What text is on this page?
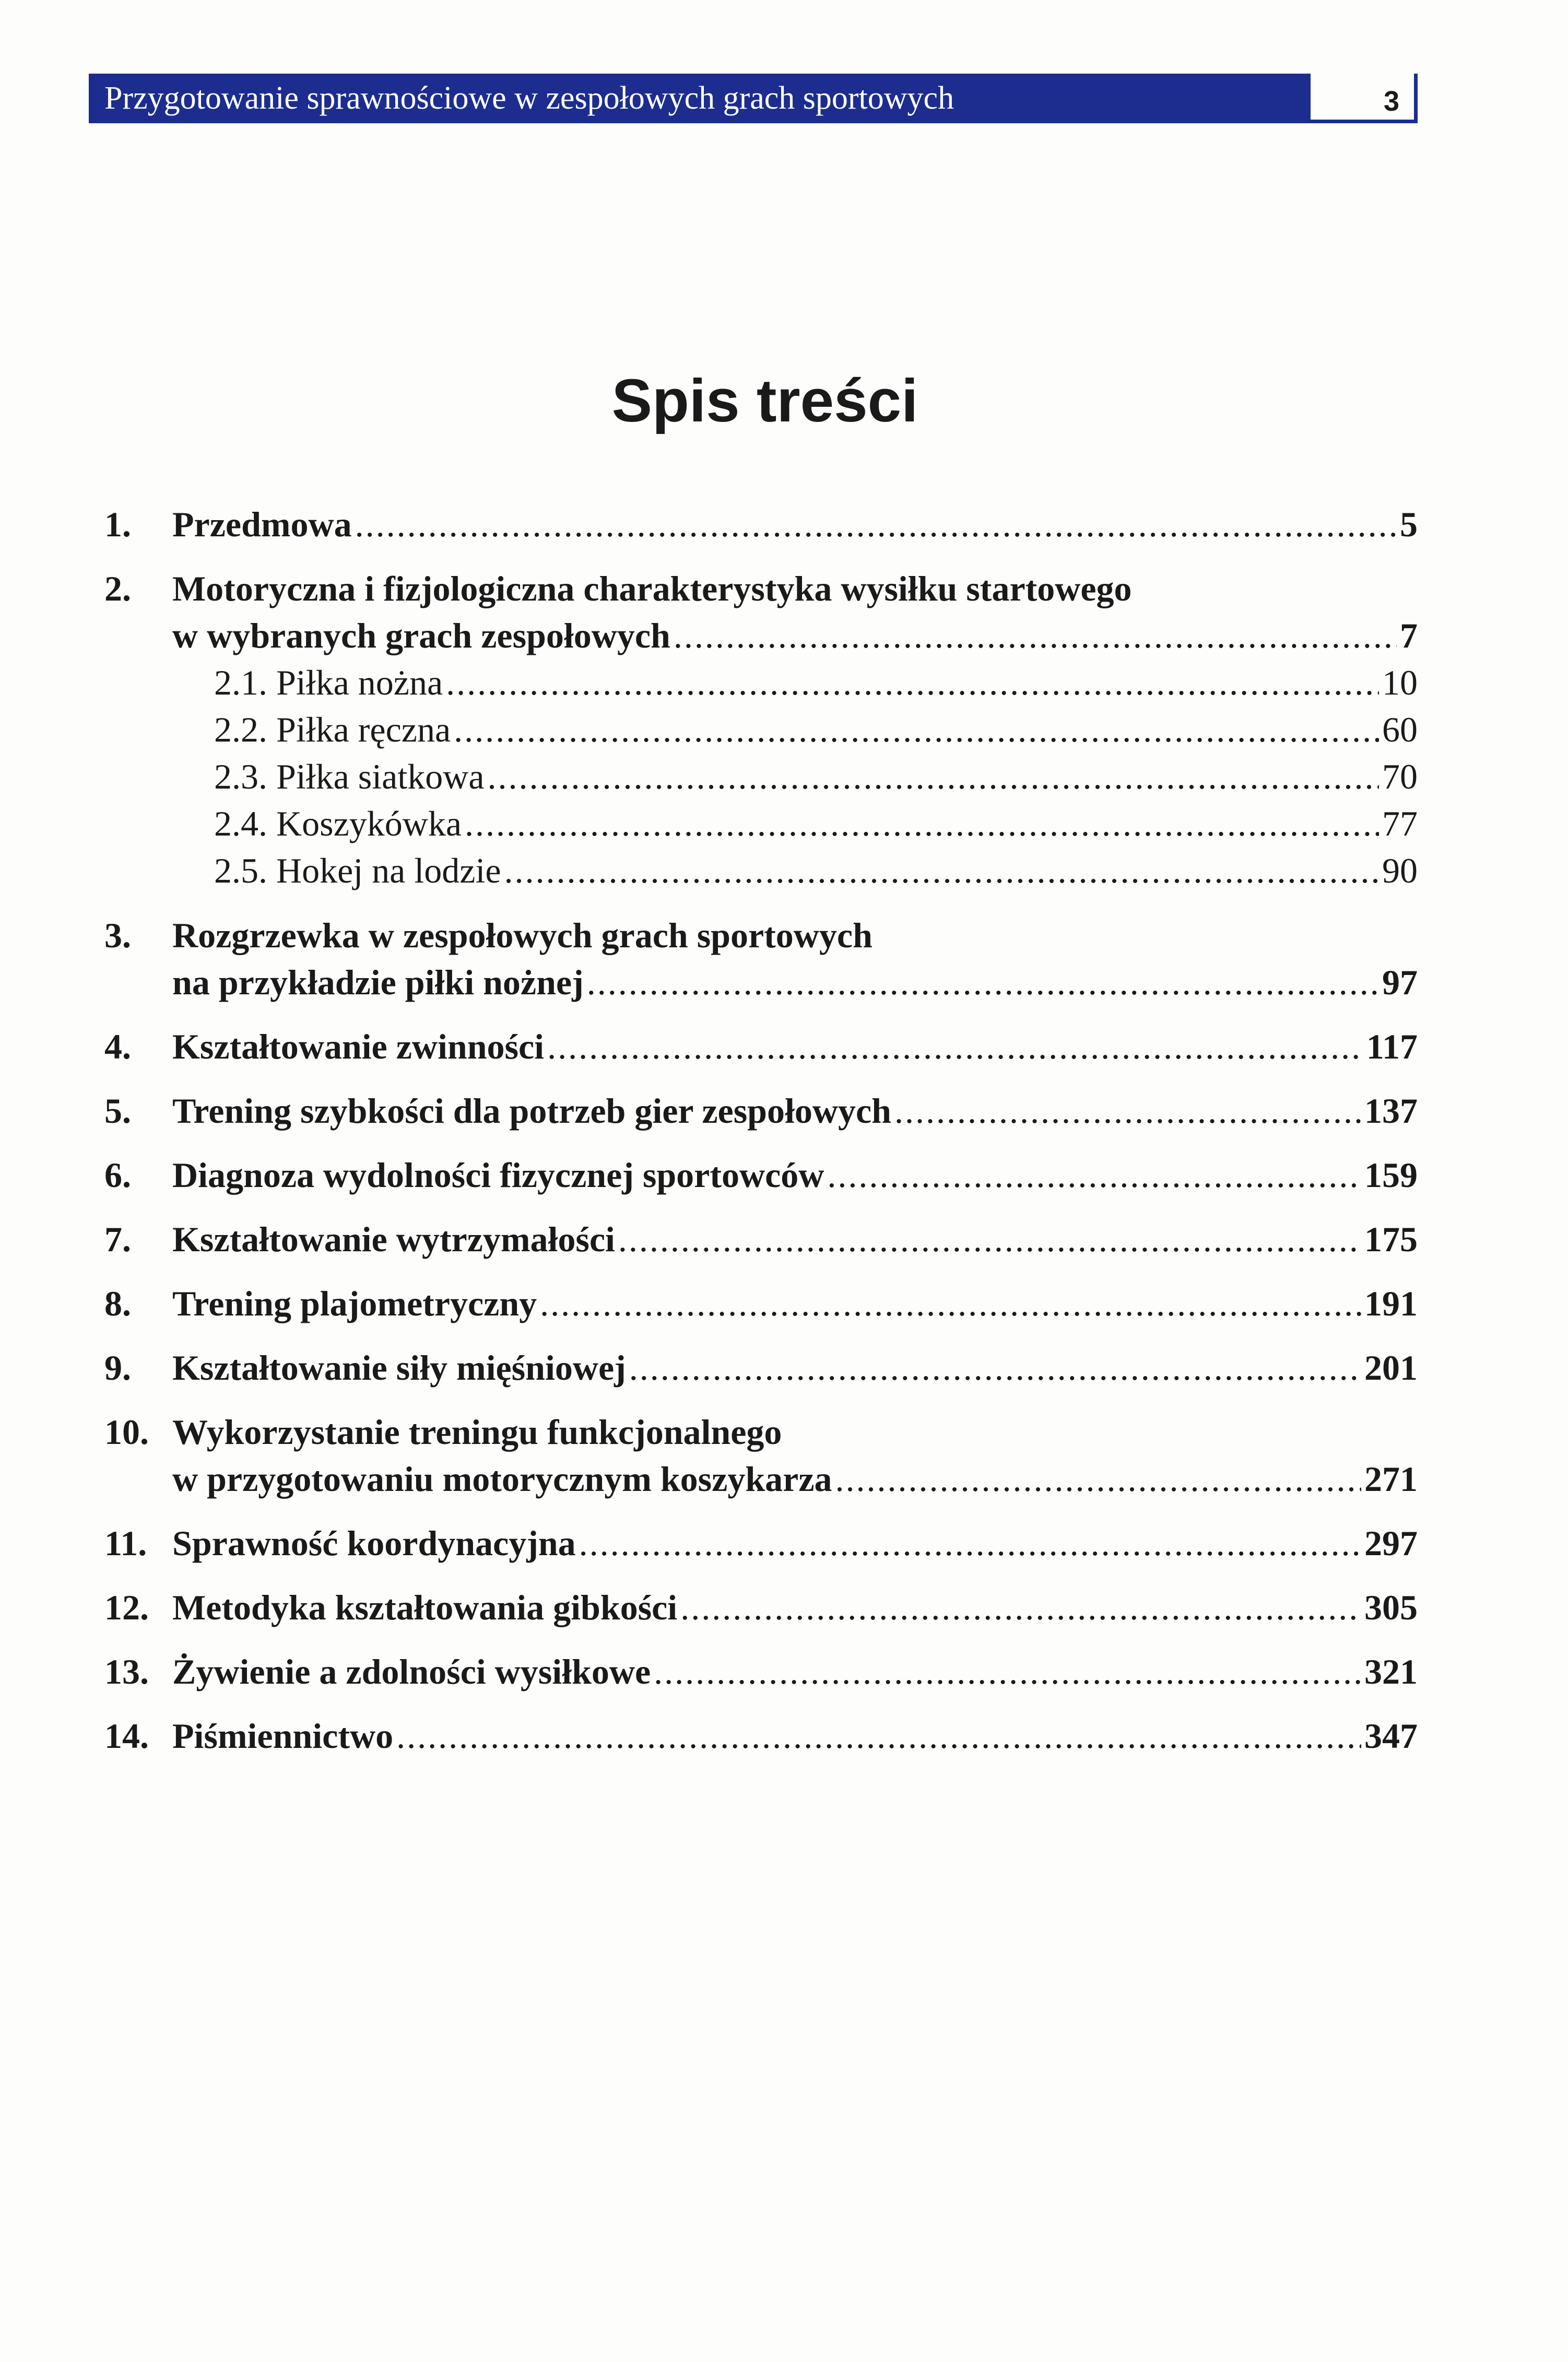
Przygotowanie sprawnościowe w zespołowych grach sportowych	3
Spis treści
1. Przedmowa .....	5
2. Motoryczna i fizjologiczna charakterystyka wysiłku startowego
w wybranych grach zespołowych .....	7
2.1. Piłka nożna .....	10
2.2. Piłka ręczna .....	60
2.3. Piłka siatkowa .....	70
2.4. Koszykówka .....	77
2.5. Hokej na lodzie .....	90
3. Rozgrzewka w zespołowych grach sportowych
na przykładzie piłki nożnej .....	97
4. Kształtowanie zwinności .....	117
5. Trening szybkości dla potrzeb gier zespołowych .....	137
6. Diagnoza wydolności fizycznej sportowców .....	159
7. Kształtowanie wytrzymałości .....	175
8. Trening plajometryczny .....	191
9. Kształtowanie siły mięśniowej .....	201
10. Wykorzystanie treningu funkcjonalnego
w przygotowaniu motorycznym koszykarza .....	271
11. Sprawność koordynacyjna .....	297
12. Metodyka kształtowania gibkości .....	305
13. Żywienie a zdolności wysiłkowe .....	321
14. Piśmiennictwo .....	347
